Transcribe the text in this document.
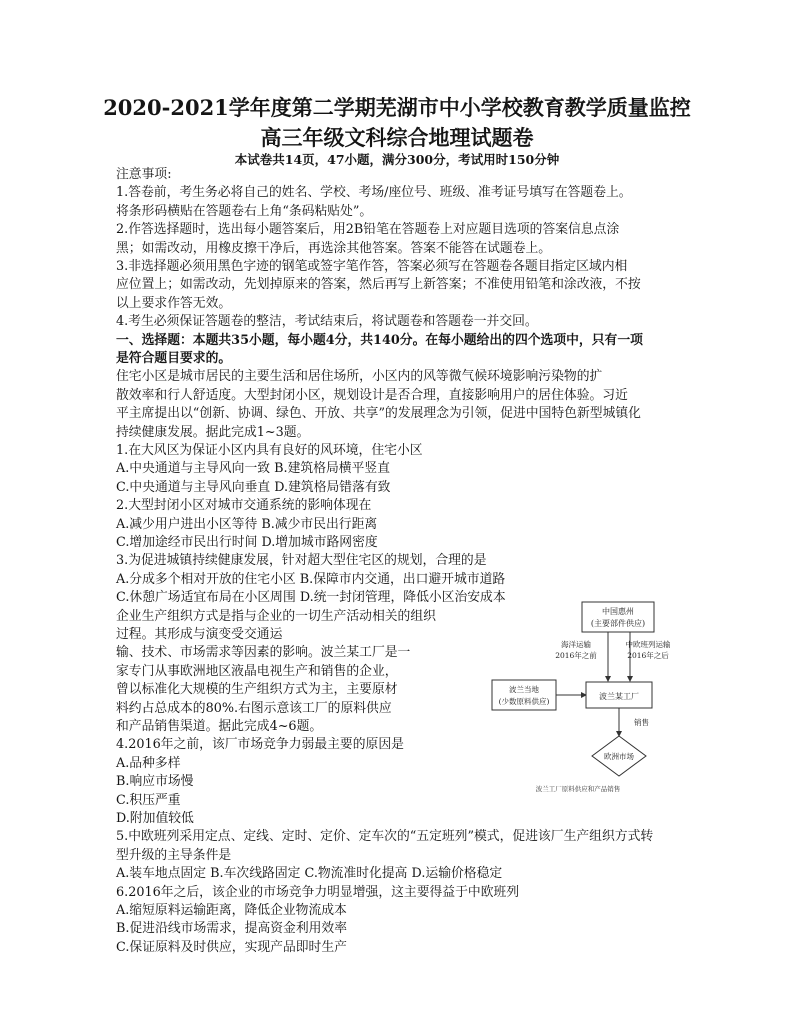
2020-2021学年度第二学期芜湖市中小学校教育教学质量监控
高三年级文科综合地理试题卷
本试卷共14页，47小题，满分300分，考试用时150分钟
注意事项:
1.答卷前，考生务必将自己的姓名、学校、考场/座位号、班级、准考证号填写在答题卷上。
将条形码横贴在答题卷右上角“条码粘贴处”。
2.作答选择题时，选出每小题答案后，用2B铅笔在答题卷上对应题目选项的答案信息点涂
黑；如需改动，用橡皮擦干净后，再选涂其他答案。答案不能答在试题卷上。
3.非选择题必须用黑色字迹的钢笔或签字笔作答，答案必须写在答题卷各题目指定区域内相
应位置上；如需改动，先划掉原来的答案，然后再写上新答案；不准使用铅笔和涂改液，不按
以上要求作答无效。
4.考生必须保证答题卷的整洁，考试结束后，将试题卷和答题卷一并交回。
一、选择题：本题共35小题，每小题4分，共140分。在每小题给出的四个选项中，只有一项
是符合题目要求的。
住宅小区是城市居民的主要生活和居住场所，小区内的风等微气候环境影响污染物的扩
散效率和行人舒适度。大型封闭小区，规划设计是否合理，直接影响用户的居住体验。习近
平主席提出以“创新、协调、绿色、开放、共享”的发展理念为引领，促进中国特色新型城镇化
持续健康发展。据此完成1~3题。
1.在大风区为保证小区内具有良好的风环境，住宅小区
A.中央通道与主导风向一致 B.建筑格局横平竖直
C.中央通道与主导风向垂直 D.建筑格局错落有致
2.大型封闭小区对城市交通系统的影响体现在
A.减少用户进出小区等待 B.减少市民出行距离
C.增加途经市民出行时间 D.增加城市路网密度
3.为促进城镇持续健康发展，针对超大型住宅区的规划，合理的是
A.分成多个相对开放的住宅小区 B.保障市内交通，出口避开城市道路
C.休憩广场适宜布局在小区周围 D.统一封闭管理，降低小区治安成本
企业生产组织方式是指与企业的一切生产活动相关的组织
过程。其形成与演变受交通运
输、技术、市场需求等因素的影响。波兰某工厂是一
家专门从事欧洲地区液晶电视生产和销售的企业，
曾以标准化大规模的生产组织方式为主，主要原材
料约占总成本的80%.右图示意该工厂的原料供应
和产品销售渠道。据此完成4~6题。
4.2016年之前，该厂市场竞争力弱最主要的原因是
A.品种多样
B.响应市场慢
C.积压严重
D.附加值较低
5.中欧班列采用定点、定线、定时、定价、定车次的“五定班列”模式，促进该厂生产组织方式转
型升级的主导条件是
A.装车地点固定 B.车次线路固定 C.物流准时化提高 D.运输价格稳定
6.2016年之后，该企业的市场竞争力明显增强，这主要得益于中欧班列
A.缩短原料运输距离，降低企业物流成本
B.促进沿线市场需求，提高资金利用效率
C.保证原料及时供应，实现产品即时生产
中国惠州
(主要部件供应)
海洋运输
2016年之前
中欧班列运输
2016年之后
波兰当地
(少数原料供应)
波兰某工厂
销售
欧洲市场
波兰工厂原料供应和产品销售
